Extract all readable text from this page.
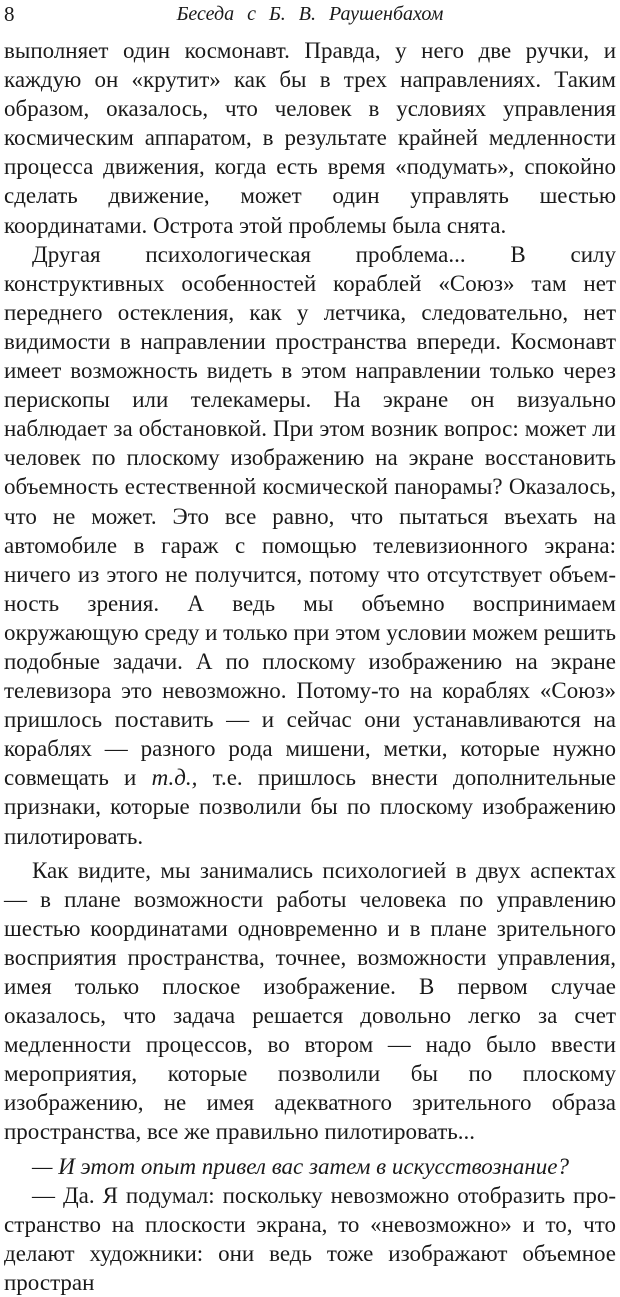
8	Беседа с Б. В. Раушенбахом

выполняет один космонавт. Правда, у него две ручки, и каждую он «крутит» как бы в трех направлениях. Таким образом, оказалось, что человек в условиях управления космическим аппаратом, в результате крайней медленности процесса движения, когда есть время «подумать», спокойно сделать движение, может один управлять шестью координатами. Острота этой проблемы была снята.

Другая психологическая проблема... В силу конструктивных особенностей кораблей «Союз» там нет переднего остекления, как у летчика, следовательно, нет видимости в направлении пространства впереди. Космонавт имеет возможность видеть в этом направлении только через перископы или телекамеры. На экране он визуально наблюдает за обстановкой. При этом возник вопрос: может ли человек по плоскому изображению на экране восстановить объемность естественной космической панорамы? Оказалось, что не может. Это все равно, что пытаться въехать на автомобиле в гараж с помощью телевизионного экрана: ничего из этого не получится, потому что отсутствует объемность зрения. А ведь мы объемно воспринимаем окружающую среду и только при этом условии можем решить подобные задачи. А по плоскому изображению на экране телевизора это невозможно. Потому-то на кораблях «Союз» пришлось поставить — и сейчас они устанавливаются на кораблях — разного рода мишени, метки, которые нужно совмещать и т.д., т.е. пришлось внести дополнительные признаки, которые позволили бы по плоскому изображению пилотировать.

Как видите, мы занимались психологией в двух аспектах — в плане возможности работы человека по управлению шестью координатами одновременно и в плане зрительного восприятия пространства, точнее, возможности управления, имея только плоское изображение. В первом случае оказалось, что задача решается довольно легко за счет медленности процессов, во втором — надо было ввести мероприятия, которые позволили бы по плоскому изображению, не имея адекватного зрительного образа пространства, все же правильно пилотировать...

— И этот опыт привел вас затем в искусствознание?

— Да. Я подумал: поскольку невозможно отобразить пространство на плоскости экрана, то «невозможно» и то, что делают художники: они ведь тоже изображают объемное простран
